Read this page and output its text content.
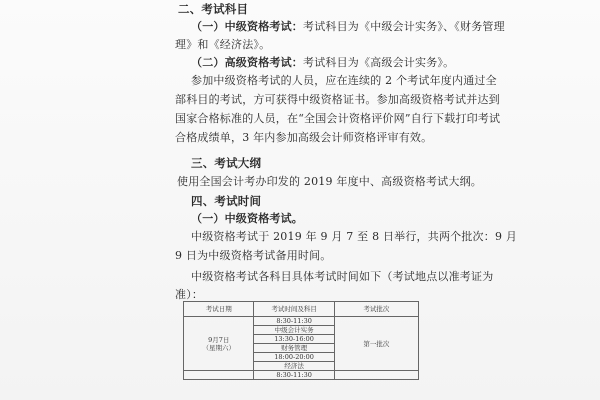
二、考试科目
（一）中级资格考试：考试科目为《中级会计实务》、《财务管理
理》和《经济法》。
（二）高级资格考试：考试科目为《高级会计实务》。
参加中级资格考试的人员，应在连续的 2 个考试年度内通过全
部科目的考试，方可获得中级资格证书。参加高级资格考试并达到
国家合格标准的人员，在“全国会计资格评价网”自行下载打印考试
合格成绩单，3 年内参加高级会计师资格评审有效。
三、考试大纲
使用全国会计考办印发的 2019 年度中、高级资格考试大纲。
四、考试时间
（一）中级资格考试。
中级资格考试于 2019 年 9 月 7 至 8 日举行，共两个批次：9 月
9 日为中级资格考试备用时间。
中级资格考试各科目具体考试时间如下（考试地点以准考证为
准）：
考试日期	考试时间及科目	考试批次

9月7日
（星期六）	8:30-11:30	第一批次
	中级会计实务	
	13:30-16:00	
	财务管理	
	18:00-20:00	
	经济法	
	8:30-11:30	
